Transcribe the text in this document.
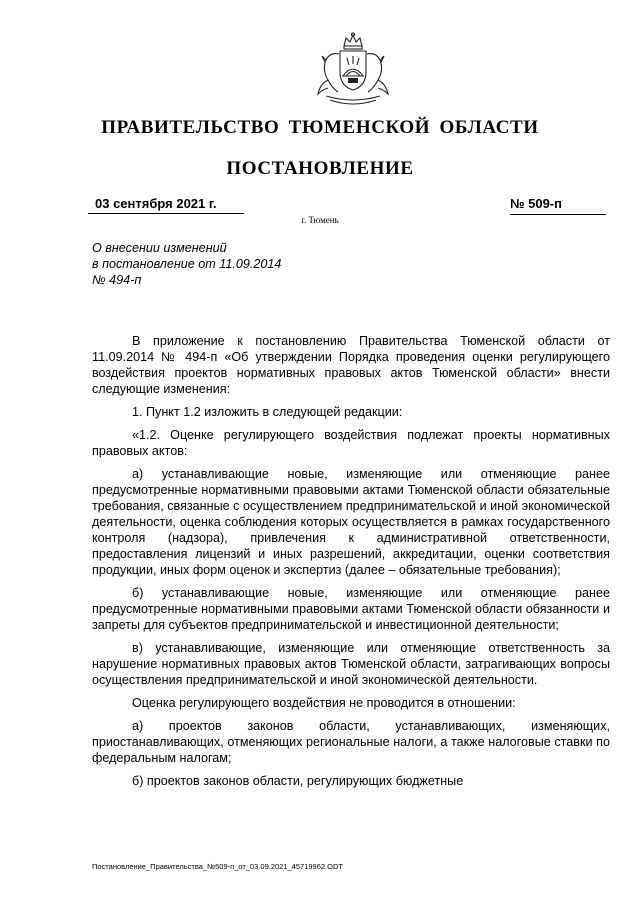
ПРАВИТЕЛЬСТВО ТЮМЕНСКОЙ ОБЛАСТИ
ПОСТАНОВЛЕНИЕ
03 сентября 2021 г.	№ 509-п
г. Тюмень
О внесении изменений
в постановление от 11.09.2014
№ 494-п

В приложение к постановлению Правительства Тюменской области от 11.09.2014 № 494-п «Об утверждении Порядка проведения оценки регулирующего воздействия проектов нормативных правовых актов Тюменской области» внести следующие изменения:

1. Пункт 1.2 изложить в следующей редакции:

«1.2. Оценке регулирующего воздействия подлежат проекты нормативных правовых актов:

а) устанавливающие новые, изменяющие или отменяющие ранее предусмотренные нормативными правовыми актами Тюменской области обязательные требования, связанные с осуществлением предпринимательской и иной экономической деятельности, оценка соблюдения которых осуществляется в рамках государственного контроля (надзора), привлечения к административной ответственности, предоставления лицензий и иных разрешений, аккредитации, оценки соответствия продукции, иных форм оценок и экспертиз (далее – обязательные требования);

б) устанавливающие новые, изменяющие или отменяющие ранее предусмотренные нормативными правовыми актами Тюменской области обязанности и запреты для субъектов предпринимательской и инвестиционной деятельности;

в) устанавливающие, изменяющие или отменяющие ответственность за нарушение нормативных правовых актов Тюменской области, затрагивающих вопросы осуществления предпринимательской и иной экономической деятельности.

Оценка регулирующего воздействия не проводится в отношении:

а) проектов законов области, устанавливающих, изменяющих, приостанавливающих, отменяющих региональные налоги, а также налоговые ставки по федеральным налогам;

б) проектов законов области, регулирующих бюджетные

Постановление_Правительства_№509-п_от_03.09.2021_45719962.ODT
